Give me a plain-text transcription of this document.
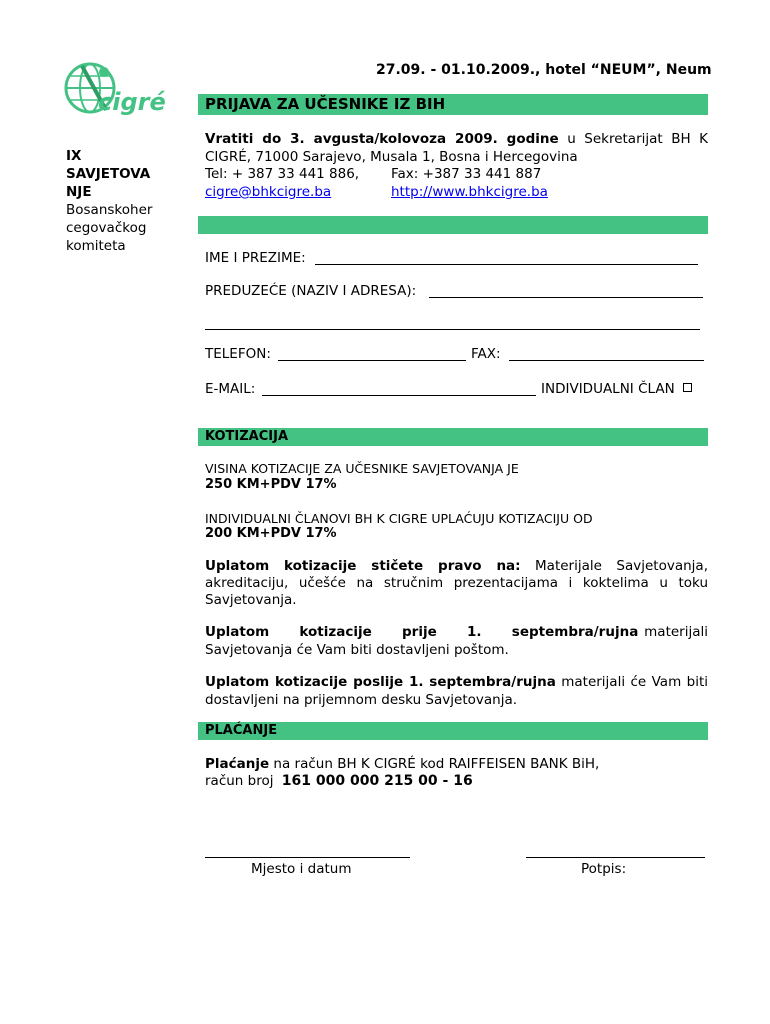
27.09. - 01.10.2009., hotel “NEUM”, Neum
cigré
IX
SAVJETOVA
NJE
Bosanskoher
cegovačkog
komiteta
PRIJAVA ZA UČESNIKE IZ BIH
Vratiti do 3. avgusta/kolovoza 2009. godine u Sekretarijat BH K CIGRÉ, 71000 Sarajevo, Musala 1, Bosna i Hercegovina
Tel: + 387 33 441 886, Fax: +387 33 441 887
cigre@bhkcigre.ba	http://www.bhkcigre.ba
IME I PREZIME:
PREDUZEĆE (NAZIV I ADRESA):
TELEFON:	FAX:
E-MAIL:	INDIVIDUALNI ČLAN
KOTIZACIJA
VISINA KOTIZACIJE ZA UČESNIKE SAVJETOVANJA JE
250 KM+PDV 17%
INDIVIDUALNI ČLANOVI BH K CIGRE UPLAĆUJU KOTIZACIJU OD
200 KM+PDV 17%
Uplatom kotizacije stičete pravo na: Materijale Savjetovanja, akreditaciju, učešće na stručnim prezentacijama i koktelima u toku Savjetovanja.
Uplatom kotizacije prije 1. septembra/rujna materijali Savjetovanja će Vam biti dostavljeni poštom.
Uplatom kotizacije poslije 1. septembra/rujna materijali će Vam biti dostavljeni na prijemnom desku Savjetovanja.
PLAĆANJE
Plaćanje na račun BH K CIGRÉ kod RAIFFEISEN BANK BiH,
račun broj 161 000 000 215 00 - 16
Mjesto i datum	Potpis:
